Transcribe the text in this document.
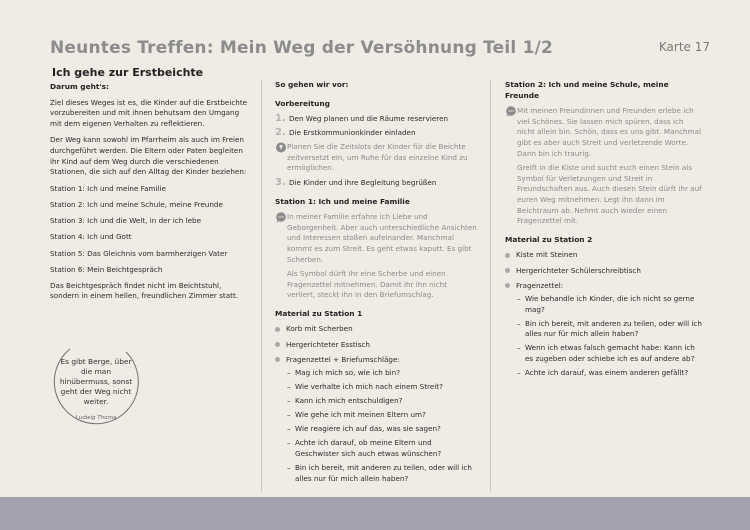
Neuntes Treffen: Mein Weg der Versöhnung Teil 1/2	Karte 17
Ich gehe zur Erstbeichte
Darum geht's:

Ziel dieses Weges ist es, die Kinder auf die Erstbeichte vorzubereiten und mit ihnen behutsam den Umgang mit dem eigenen Verhalten zu reflektieren.

Der Weg kann sowohl im Pfarrheim als auch im Freien durchgeführt werden. Die Eltern oder Paten begleiten ihr Kind auf dem Weg durch die verschiedenen Stationen, die sich auf den Alltag der Kinder beziehen:

Station 1: Ich und meine Familie
Station 2: Ich und meine Schule, meine Freunde
Station 3: Ich und die Welt, in der ich lebe
Station 4: Ich und Gott
Station 5: Das Gleichnis vom barmherzigen Vater
Station 6: Mein Beichtgespräch

Das Beichtgespräch findet nicht im Beichtstuhl, sondern in einem hellen, freundlichen Zimmer statt.

Es gibt Berge, über die man hinübermuss, sonst geht der Weg nicht weiter.
Ludwig Thoma
So gehen wir vor:
Vorbereitung
1. Den Weg planen und die Räume reservieren
2. Die Erstkommunionkinder einladen
Planen Sie die Zeitslots der Kinder für die Beichte zeitversetzt ein, um Ruhe für das einzelne Kind zu ermöglichen.
3. Die Kinder und ihre Begleitung begrüßen
Station 1: Ich und meine Familie

In meiner Familie erfahre ich Liebe und Geborgenheit. Aber auch unterschiedliche Ansichten und Interessen stoßen aufeinander. Manchmal kommt es zum Streit. Es geht etwas kaputt. Es gibt Scherben.

Als Symbol dürft ihr eine Scherbe und einen Fragenzettel mitnehmen. Damit ihr ihn nicht verliert, steckt ihn in den Briefumschlag.

Material zu Station 1
Korb mit Scherben
Hergerichteter Esstisch
Fragenzettel + Briefumschläge:
– Mag ich mich so, wie ich bin?
– Wie verhalte ich mich nach einem Streit?
– Kann ich mich entschuldigen?
– Wie gehe ich mit meinen Eltern um?
– Wie reagiere ich auf das, was sie sagen?
– Achte ich darauf, ob meine Eltern und Geschwister sich auch etwas wünschen?
– Bin ich bereit, mit anderen zu teilen, oder will ich alles nur für mich allein haben?
Station 2: Ich und meine Schule, meine Freunde

Mit meinen Freundinnen und Freunden erlebe ich viel Schönes. Sie lassen mich spüren, dass ich nicht allein bin. Schön, dass es uns gibt. Manchmal gibt es aber auch Streit und verletzende Worte. Dann bin ich traurig.

Greift in die Kiste und sucht euch einen Stein als Symbol für Verletzungen und Streit in Freundschaften aus. Auch diesen Stein dürft ihr auf euren Weg mitnehmen. Legt ihn dann im Beichtraum ab. Nehmt auch wieder einen Fragenzettel mit.

Material zu Station 2
Kiste mit Steinen
Hergerichteter Schülerschreibtisch
Fragenzettel:
– Wie behandle ich Kinder, die ich nicht so gerne mag?
– Bin ich bereit, mit anderen zu teilen, oder will ich alles nur für mich allein haben?
– Wenn ich etwas falsch gemacht habe: Kann ich es zugeben oder schiebe ich es auf andere ab?
– Achte ich darauf, was einem anderen gefällt?
